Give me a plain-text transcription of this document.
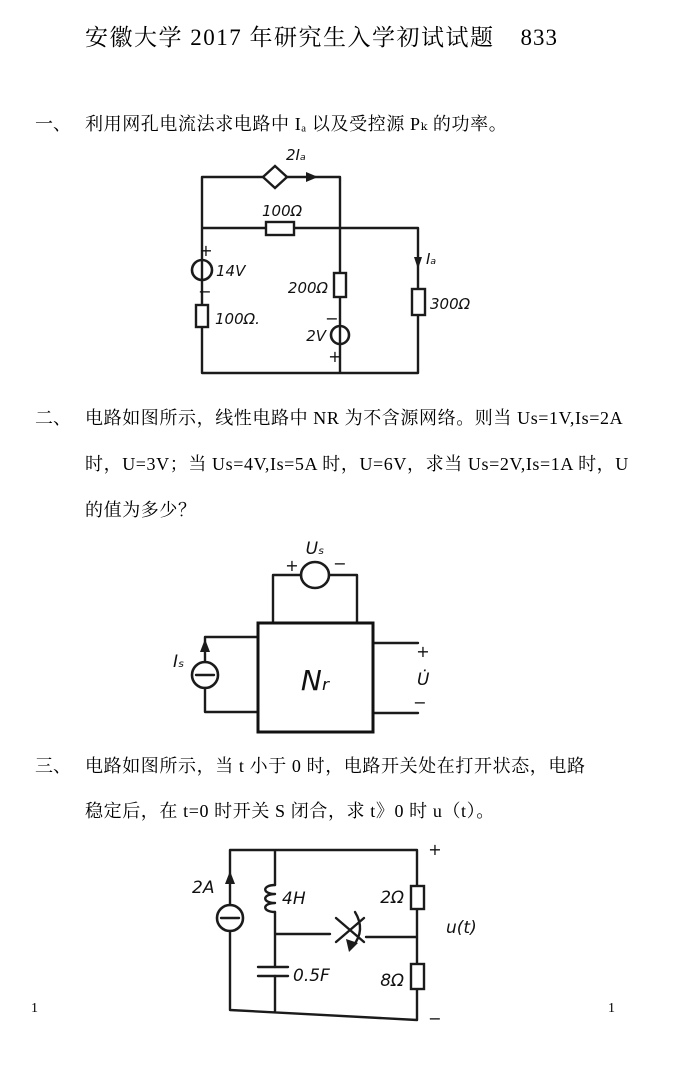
安徽大学 2017 年研究生入学初试试题 833
一、 利用网孔电流法求电路中 Iₐ 以及受控源 Pₖ 的功率。
2Iₐ
100Ω
+
14V
−
100Ω.
200Ω
−
2V
+
Iₐ
300Ω
二、 电路如图所示，线性电路中 NR 为不含源网络。则当 Us=1V,Is=2A
时，U=3V；当 Us=4V,Is=5A 时，U=6V，求当 Us=2V,Is=1A 时，U
的值为多少？
Uₛ
+ −
Iₛ
Nᵣ
+
U̇
−
三、 电路如图所示，当 t 小于 0 时，电路开关处在打开状态，电路
稳定后，在 t=0 时开关 S 闭合，求 t》0 时 u（t）。
2A
4H
0.5F
2Ω
8Ω
+
u(t)
−
1	1
